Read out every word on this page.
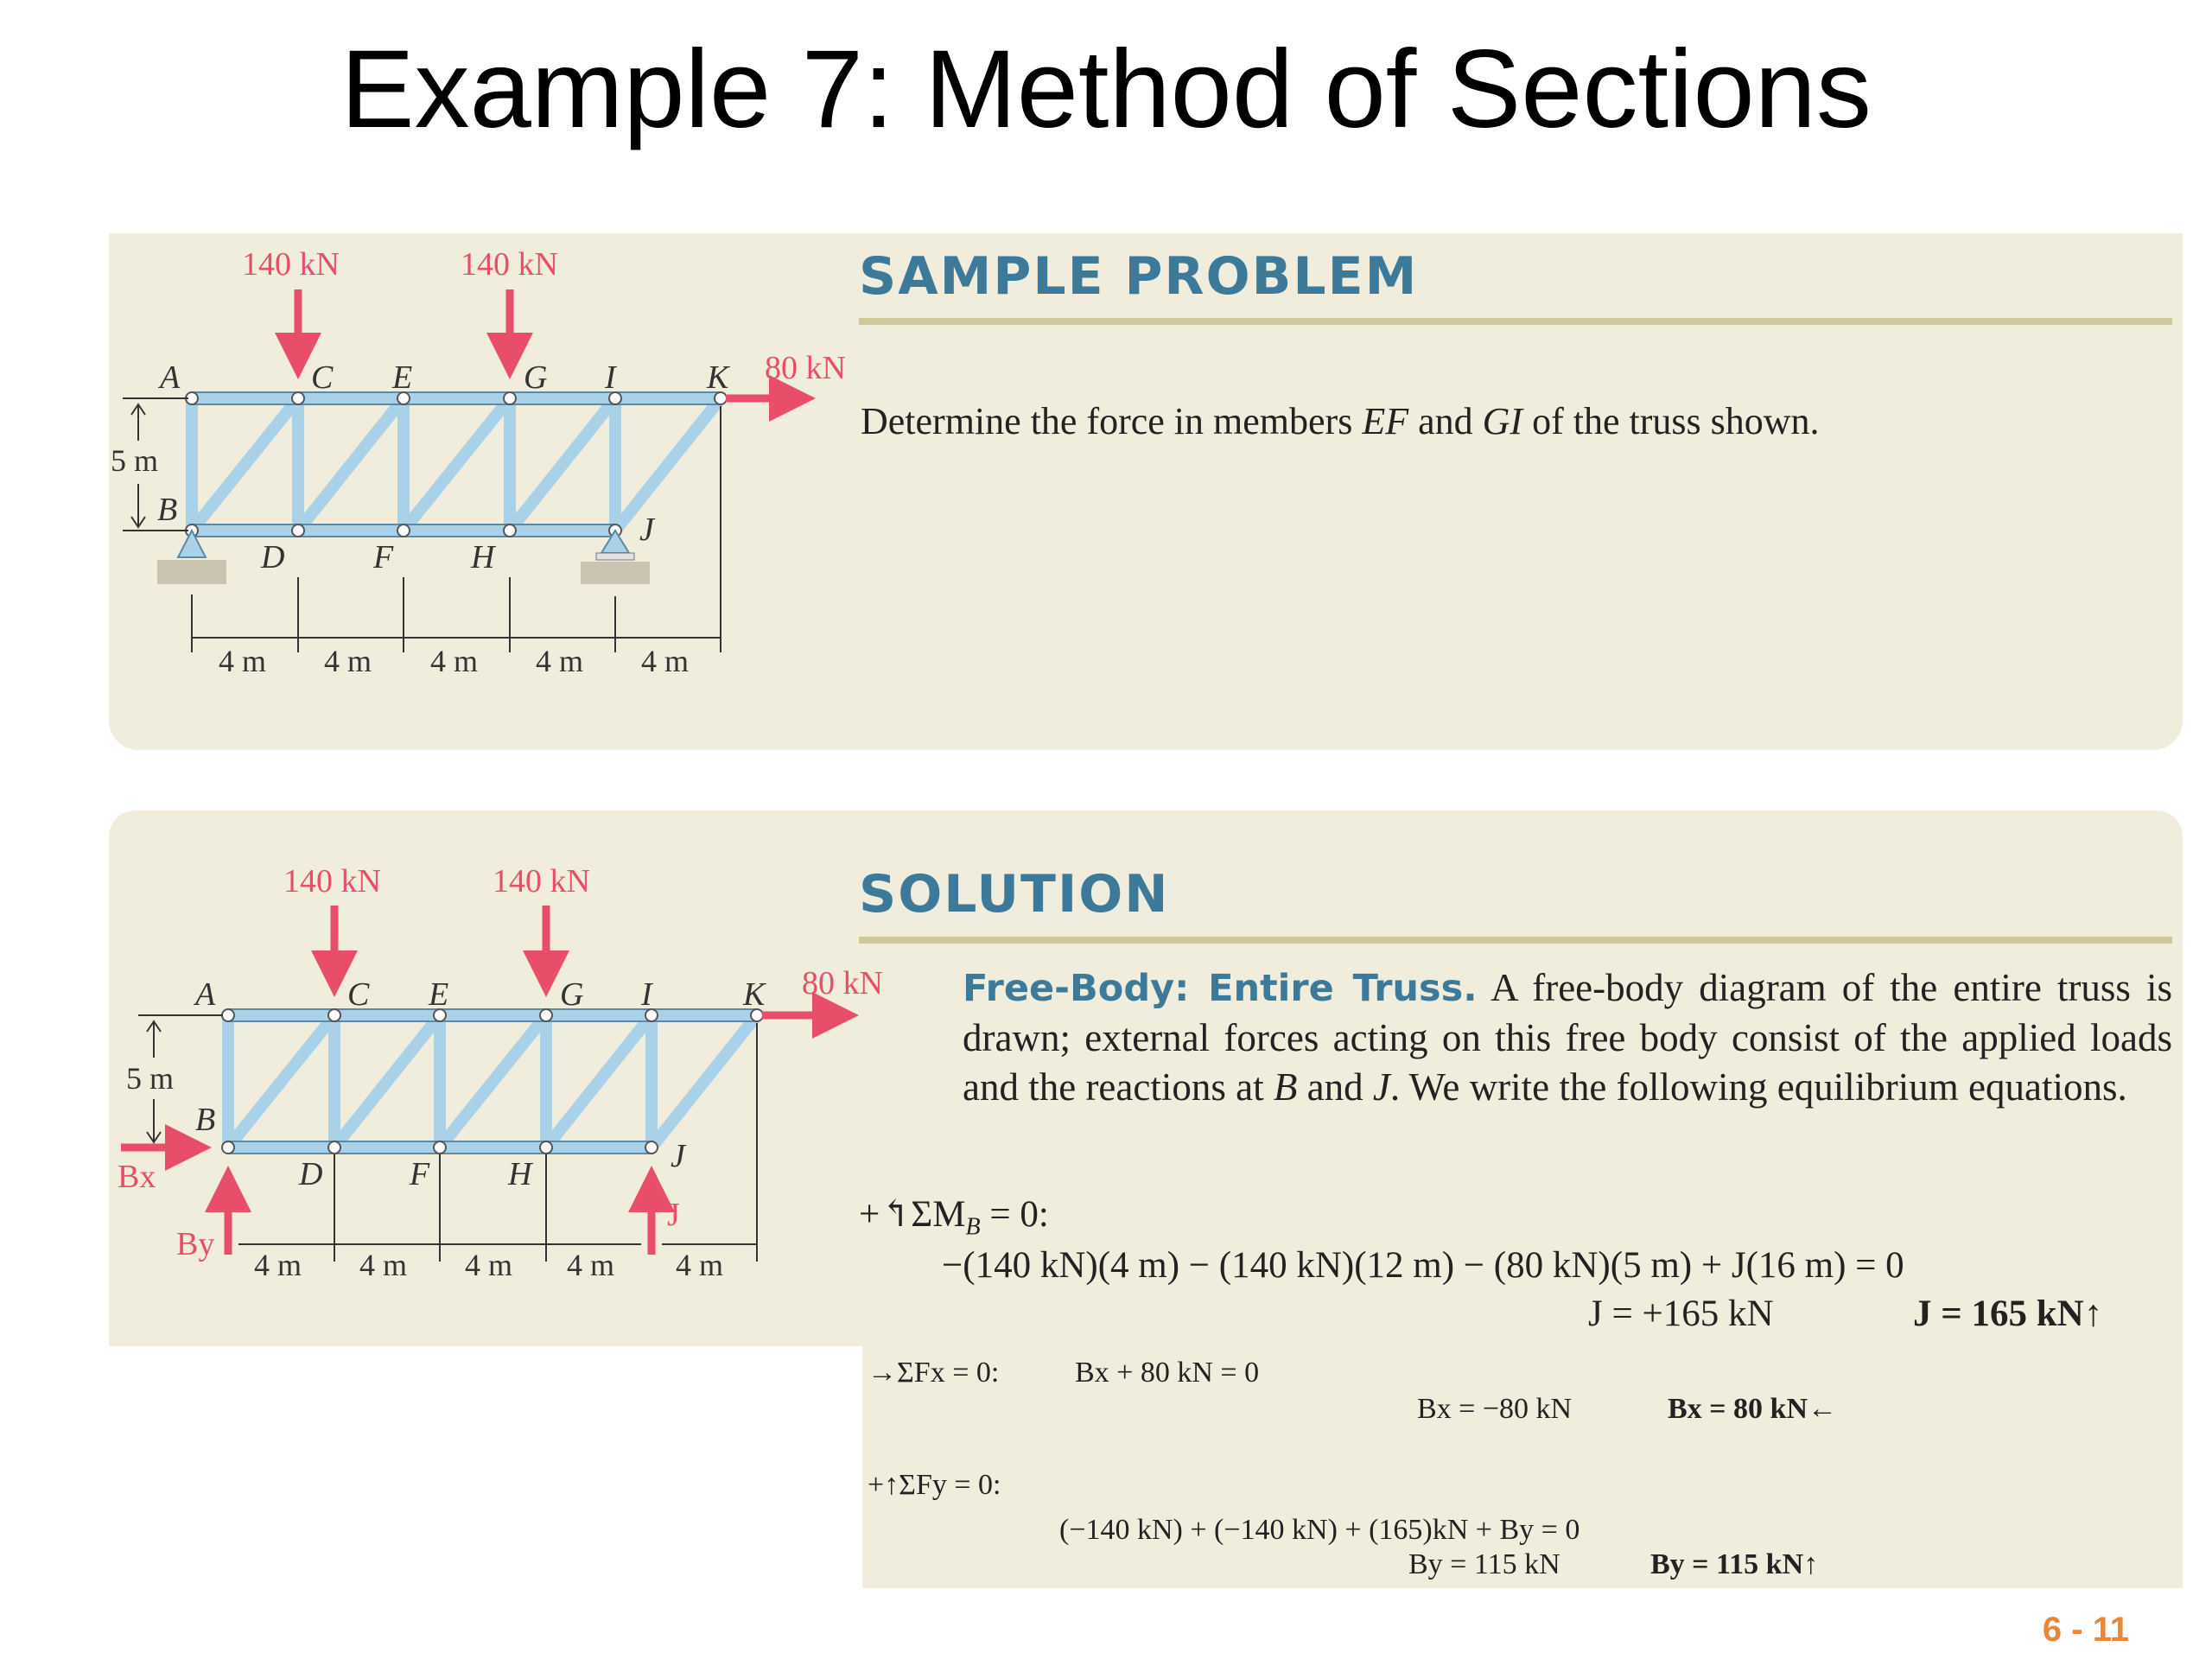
Example 7: Method of Sections
SAMPLE PROBLEM
Determine the force in members EF and GI of the truss shown.
140 kN	140 kN
80 kN
A	C E	G I	K
B
D	F H
J
5 m
4 m 4 m 4 m 4 m 4 m
SOLUTION
Free-Body: Entire Truss. A free-body diagram of the entire truss is drawn; external forces acting on this free body consist of the applied loads and the reactions at B and J. We write the following equilibrium equations.
$+↰\Sigma M_B = 0$:
−(140 kN)(4 m) − (140 kN)(12 m) − (80 kN)(5 m) + J(16 m) = 0
J = +165 kN	J = 165 kN↑
→ΣFx = 0:	Bx + 80 kN = 0
Bx = −80 kN	Bx = 80 kN←
+↑ΣFy = 0:
(−140 kN) + (−140 kN) + (165)kN + By = 0
By = 115 kN	By = 115 kN↑
140 kN	140 kN
80 kN
Bx
By
J
A	C E	G I	K
B
D	F H	J
5 m
4 m 4 m 4 m 4 m 4 m
6 - 11
